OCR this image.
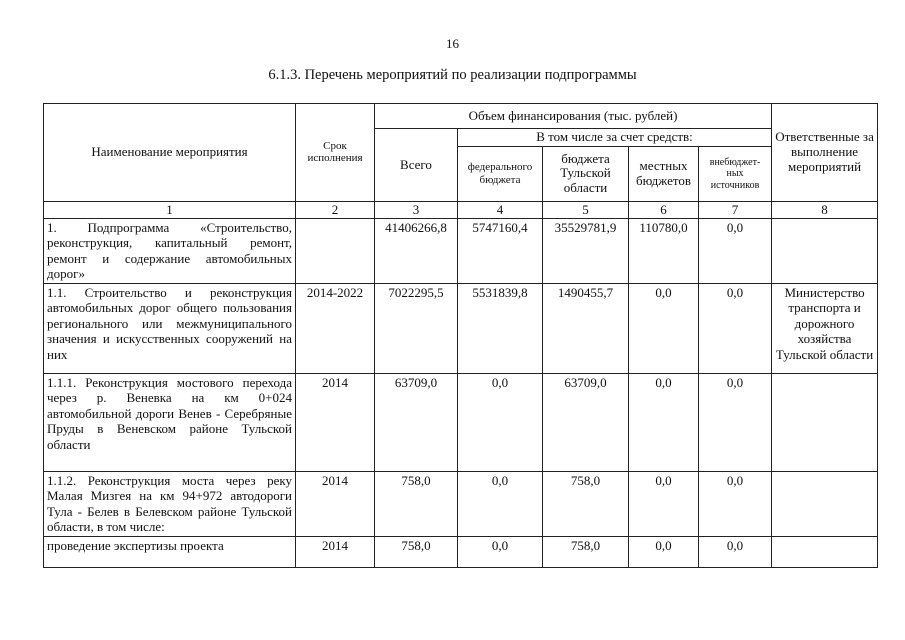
16
6.1.3. Перечень мероприятий по реализации подпрограммы
Наименование мероприятия	Срок исполнения	Объем финансирования (тыс. рублей)					Ответственные за выполнение мероприятий
		Всего	В том числе за счет средств:				
			федерального бюджета	бюджета Тульской области	местных бюджетов	внебюджет-ных источников	
1	2	3	4	5	6	7	8
1. Подпрограмма «Строительство, реконструкция, капитальный ремонт, ремонт и содержание автомобильных дорог»		41406266,8	5747160,4	35529781,9	110780,0	0,0	
1.1. Строительство и реконструкция автомобильных дорог общего пользования регионального или межмуниципального значения и искусственных сооружений на них	2014-2022	7022295,5	5531839,8	1490455,7	0,0	0,0	Министерство транспорта и дорожного хозяйства Тульской области
1.1.1. Реконструкция мостового перехода через р. Веневка на км 0+024 автомобильной дороги Венев - Серебряные Пруды в Веневском районе Тульской области	2014	63709,0	0,0	63709,0	0,0	0,0	
1.1.2. Реконструкция моста через реку Малая Мизгея на км 94+972 автодороги Тула - Белев в Белевском районе Тульской области, в том числе:	2014	758,0	0,0	758,0	0,0	0,0	
проведение экспертизы проекта	2014	758,0	0,0	758,0	0,0	0,0	
